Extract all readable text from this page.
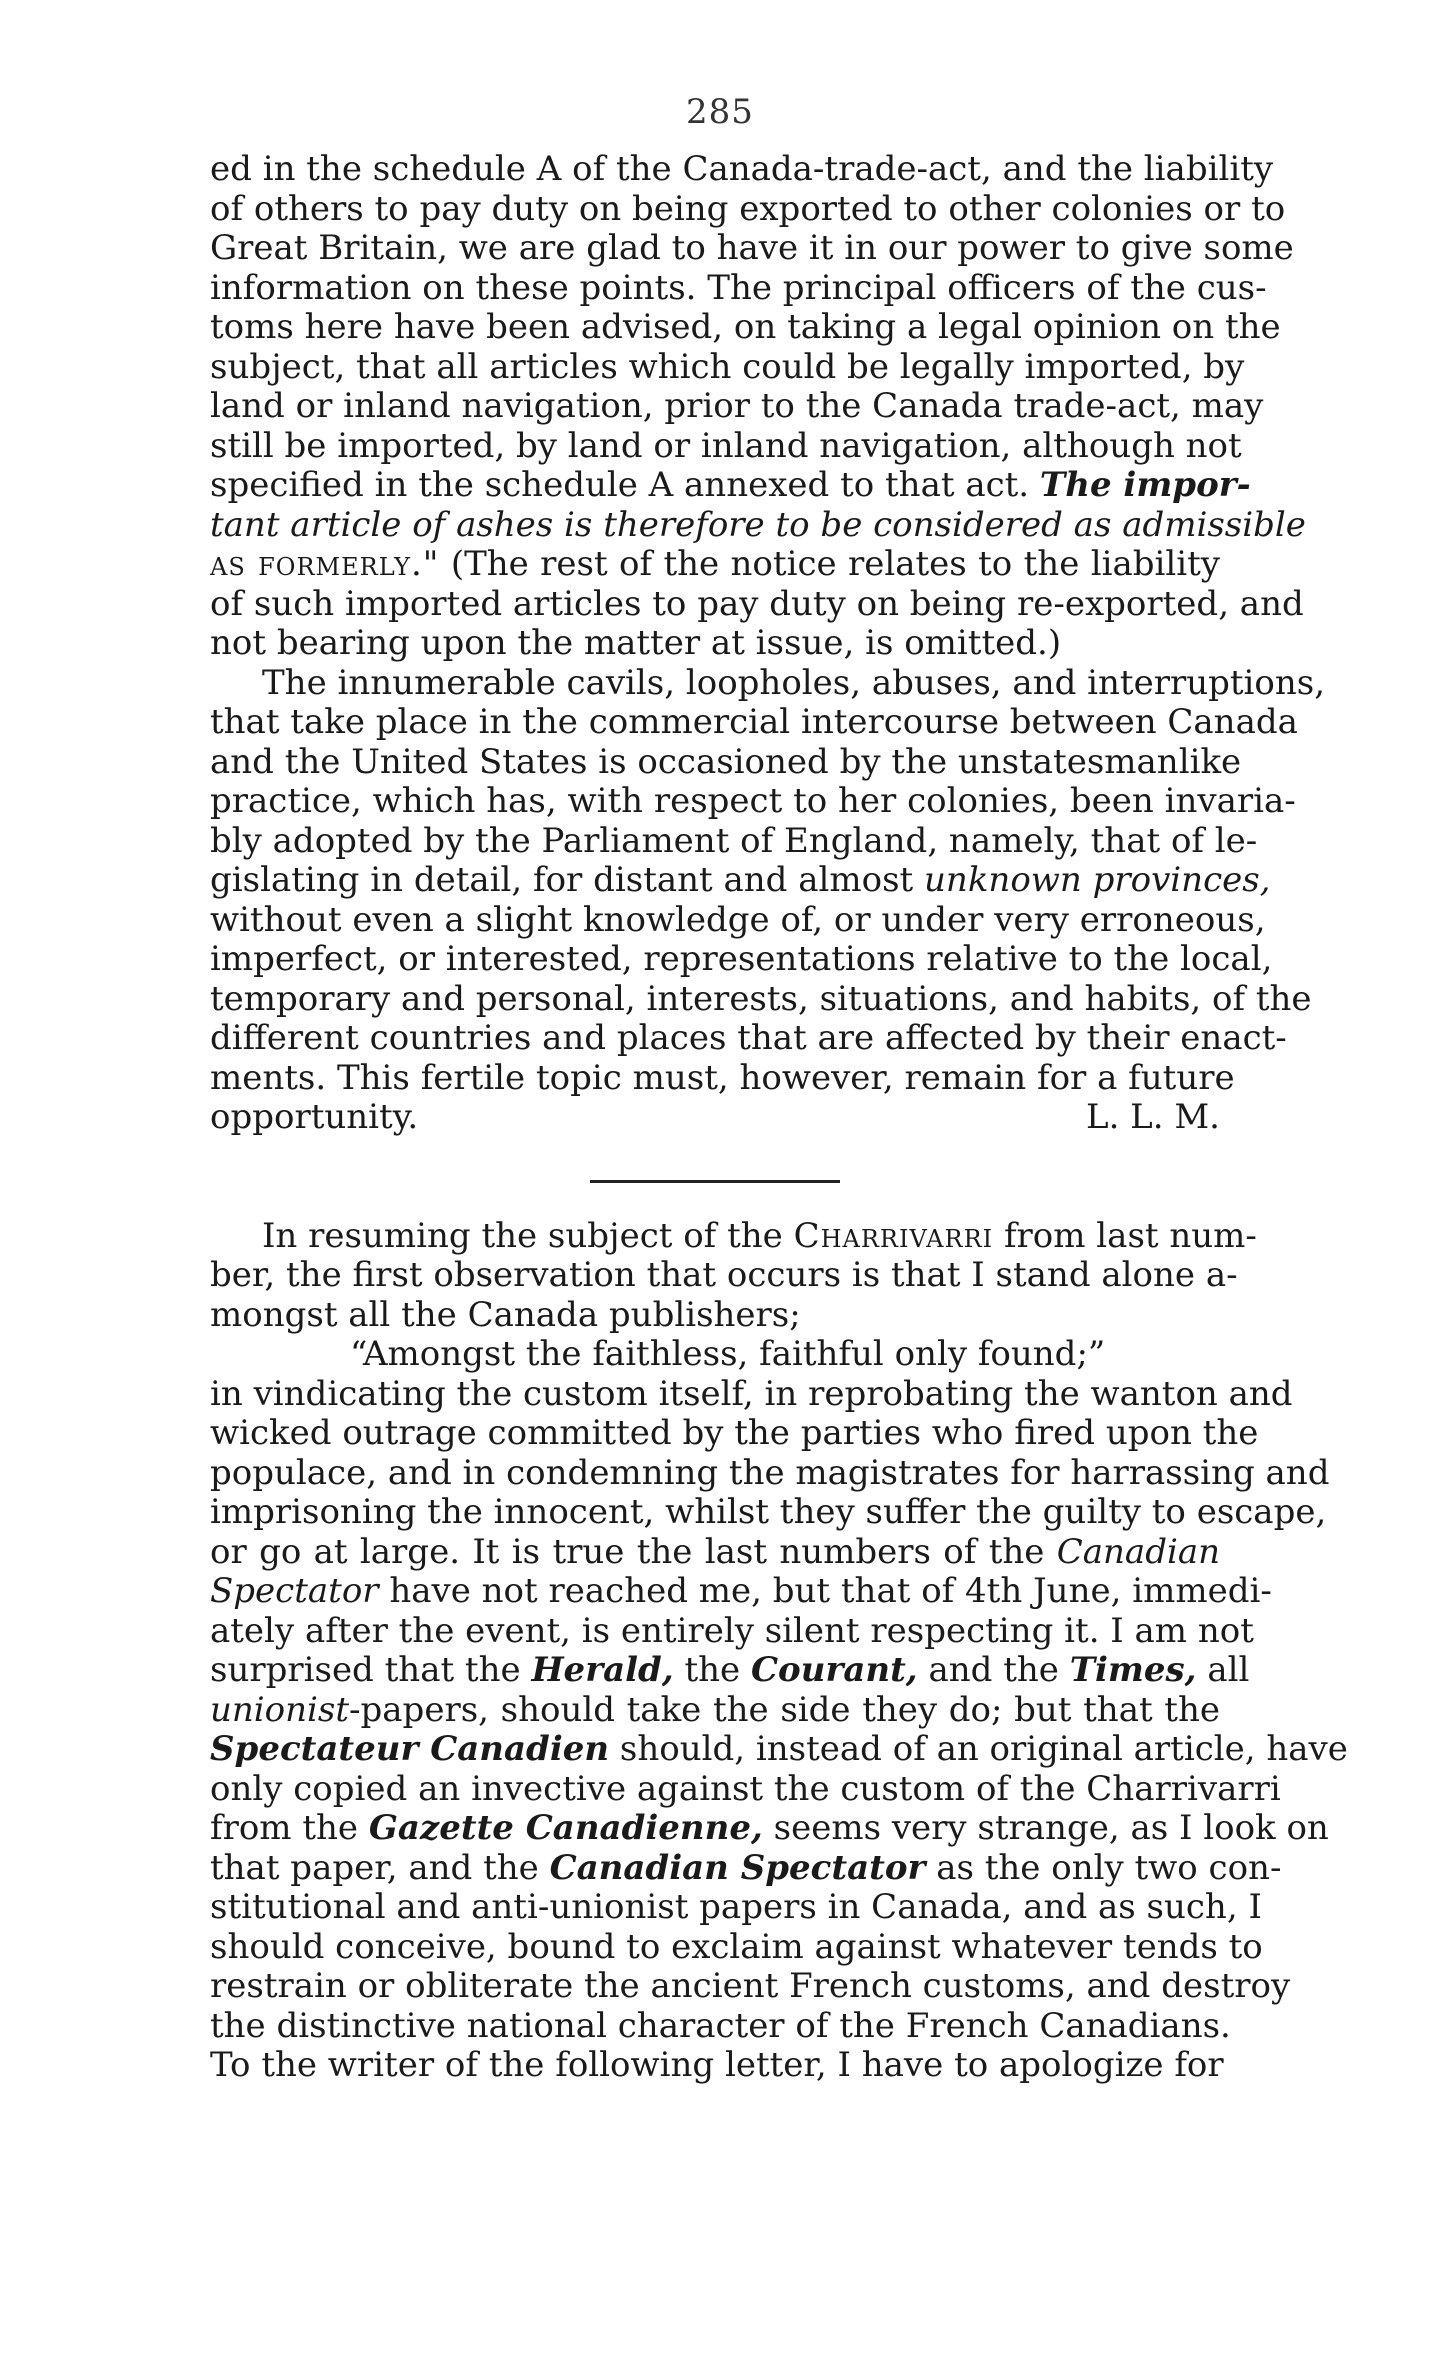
285
ed in the schedule A of the Canada-trade-act, and the liability
of others to pay duty on being exported to other colonies or to
Great Britain, we are glad to have it in our power to give some
information on these points. The principal officers of the cus-
toms here have been advised, on taking a legal opinion on the
subject, that all articles which could be legally imported, by
land or inland navigation, prior to the Canada trade-act, may
still be imported, by land or inland navigation, although not
specified in the schedule A annexed to that act. The impor-
tant article of ashes is therefore to be considered as admissible
as formerly." (The rest of the notice relates to the liability
of such imported articles to pay duty on being re-exported, and
not bearing upon the matter at issue, is omitted.)
The innumerable cavils, loopholes, abuses, and interruptions,
that take place in the commercial intercourse between Canada
and the United States is occasioned by the unstatesmanlike
practice, which has, with respect to her colonies, been invaria-
bly adopted by the Parliament of England, namely, that of le-
gislating in detail, for distant and almost unknown provinces,
without even a slight knowledge of, or under very erroneous,
imperfect, or interested, representations relative to the local,
temporary and personal, interests, situations, and habits, of the
different countries and places that are affected by their enact-
ments. This fertile topic must, however, remain for a future
opportunity.	L. L. M.
In resuming the subject of the Charrivarri from last num-
ber, the first observation that occurs is that I stand alone a-
mongst all the Canada publishers;
“Amongst the faithless, faithful only found;”
in vindicating the custom itself, in reprobating the wanton and
wicked outrage committed by the parties who fired upon the
populace, and in condemning the magistrates for harrassing and
imprisoning the innocent, whilst they suffer the guilty to escape,
or go at large. It is true the last numbers of the Canadian
Spectator have not reached me, but that of 4th June, immedi-
ately after the event, is entirely silent respecting it. I am not
surprised that the Herald, the Courant, and the Times, all
unionist-papers, should take the side they do; but that the
Spectateur Canadien should, instead of an original article, have
only copied an invective against the custom of the Charrivarri
from the Gazette Canadienne, seems very strange, as I look on
that paper, and the Canadian Spectator as the only two con-
stitutional and anti-unionist papers in Canada, and as such, I
should conceive, bound to exclaim against whatever tends to
restrain or obliterate the ancient French customs, and destroy
the distinctive national character of the French Canadians.
To the writer of the following letter, I have to apologize for
